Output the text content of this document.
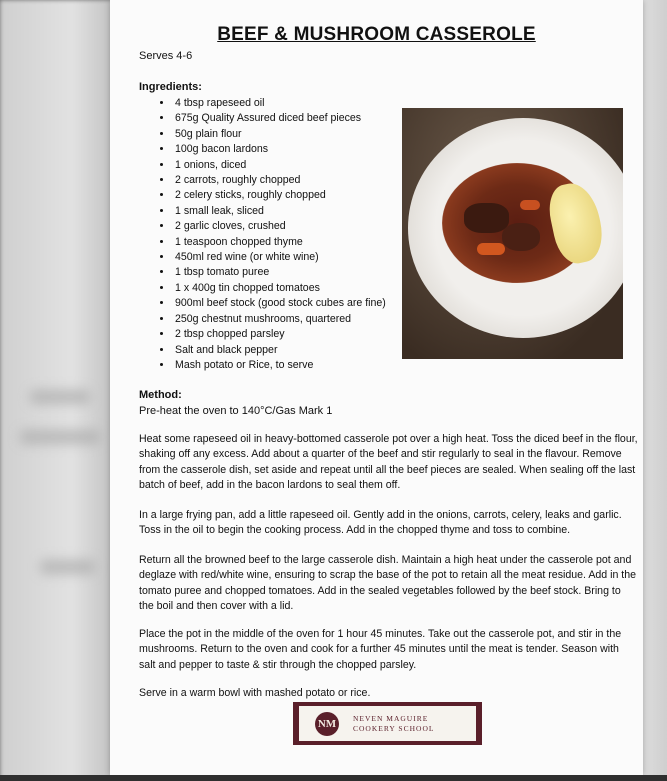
BEEF & MUSHROOM CASSEROLE
Serves 4-6
Ingredients:
• 4 tbsp rapeseed oil
• 675g Quality Assured diced beef pieces
• 50g plain flour
• 100g bacon lardons
• 1 onions, diced
• 2 carrots, roughly chopped
• 2 celery sticks, roughly chopped
• 1 small leak, sliced
• 2 garlic cloves, crushed
• 1 teaspoon chopped thyme
• 450ml red wine (or white wine)
• 1 tbsp tomato puree
• 1 x 400g tin chopped tomatoes
• 900ml beef stock (good stock cubes are fine)
• 250g chestnut mushrooms, quartered
• 2 tbsp chopped parsley
• Salt and black pepper
• Mash potato or Rice, to serve
Method:
Pre-heat the oven to 140°C/Gas Mark 1

Heat some rapeseed oil in heavy-bottomed casserole pot over a high heat. Toss the diced beef in the flour, shaking off any excess. Add about a quarter of the beef and stir regularly to seal in the flavour. Remove from the casserole dish, set aside and repeat until all the beef pieces are sealed. When sealing off the last batch of beef, add in the bacon lardons to seal them off.

In a large frying pan, add a little rapeseed oil. Gently add in the onions, carrots, celery, leaks and garlic. Toss in the oil to begin the cooking process. Add in the chopped thyme and toss to combine.

Return all the browned beef to the large casserole dish. Maintain a high heat under the casserole pot and deglaze with red/white wine, ensuring to scrap the base of the pot to retain all the meat residue. Add in the tomato puree and chopped tomatoes. Add in the sealed vegetables followed by the beef stock. Bring to the boil and then cover with a lid.

Place the pot in the middle of the oven for 1 hour 45 minutes. Take out the casserole pot, and stir in the mushrooms. Return to the oven and cook for a further 45 minutes until the meat is tender. Season with salt and pepper to taste & stir through the chopped parsley.

Serve in a warm bowl with mashed potato or rice.

NM	NEVEN MAGUIRE
COOKERY SCHOOL
